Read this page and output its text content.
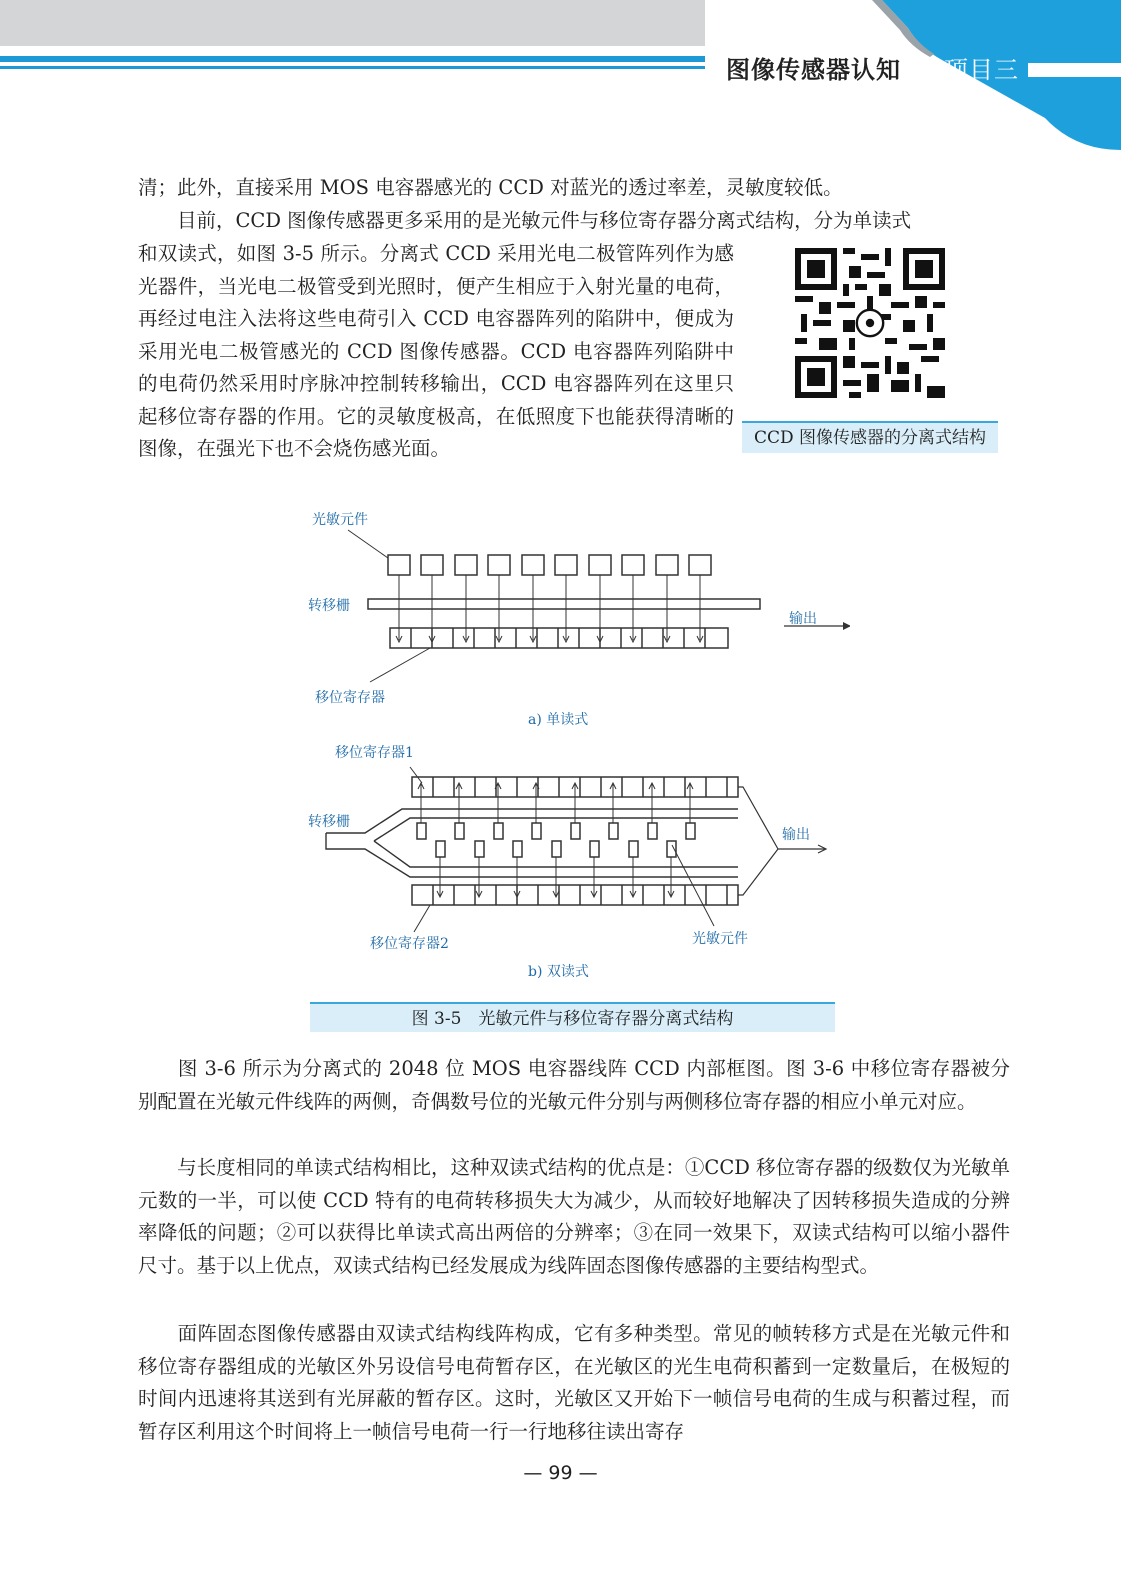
图像传感器认知 项目三

清；此外，直接采用 MOS 电容器感光的 CCD 对蓝光的透过率差，灵敏度较低。

　　目前，CCD 图像传感器更多采用的是光敏元件与移位寄存器分离式结构，分为单读式

和双读式，如图 3-5 所示。分离式 CCD 采用光电二极管阵列作为感光器件，当光电二极管受到光照时，便产生相应于入射光量的电荷，再经过电注入法将这些电荷引入 CCD 电容器阵列的陷阱中，便成为采用光电二极管感光的 CCD 图像传感器。CCD 电容器阵列陷阱中的电荷仍然采用时序脉冲控制转移输出，CCD 电容器阵列在这里只起移位寄存器的作用。它的灵敏度极高，在低照度下也能获得清晰的图像，在强光下也不会烧伤感光面。	CCD 图像传感器的分离式结构
光敏元件
转移栅
输出
移位寄存器
a) 单读式
移位寄存器1
转移栅
输出
移位寄存器2	光敏元件
b) 双读式
图 3-5　光敏元件与移位寄存器分离式结构

　　图 3-6 所示为分离式的 2048 位 MOS 电容器线阵 CCD 内部框图。图 3-6 中移位寄存器被分别配置在光敏元件线阵的两侧，奇偶数号位的光敏元件分别与两侧移位寄存器的相应小单元对应。

　　与长度相同的单读式结构相比，这种双读式结构的优点是：①CCD 移位寄存器的级数仅为光敏单元数的一半，可以使 CCD 特有的电荷转移损失大为减少，从而较好地解决了因转移损失造成的分辨率降低的问题；②可以获得比单读式高出两倍的分辨率；③在同一效果下，双读式结构可以缩小器件尺寸。基于以上优点，双读式结构已经发展成为线阵固态图像传感器的主要结构型式。

　　面阵固态图像传感器由双读式结构线阵构成，它有多种类型。常见的帧转移方式是在光敏元件和移位寄存器组成的光敏区外另设信号电荷暂存区，在光敏区的光生电荷积蓄到一定数量后，在极短的时间内迅速将其送到有光屏蔽的暂存区。这时，光敏区又开始下一帧信号电荷的生成与积蓄过程，而暂存区利用这个时间将上一帧信号电荷一行一行地移往读出寄存

— 99 —
